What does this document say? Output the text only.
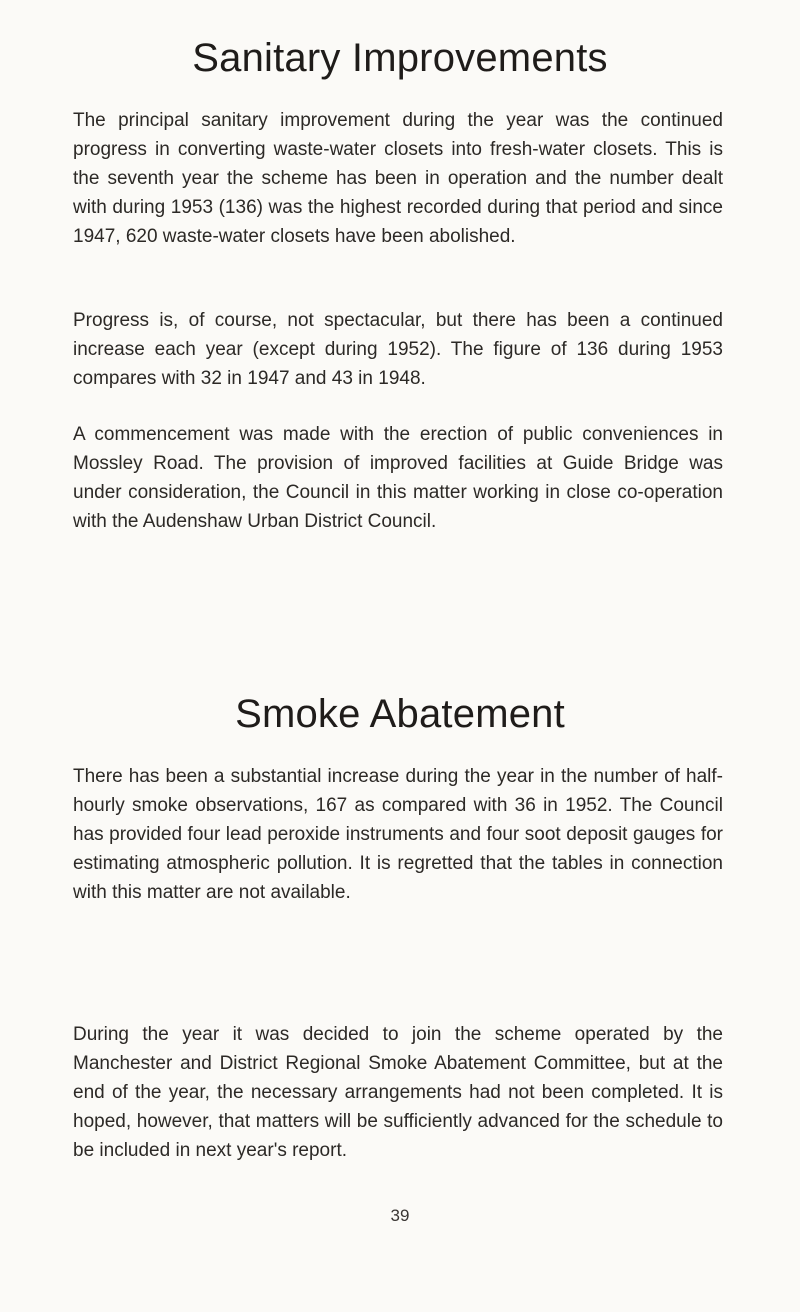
Sanitary Improvements

The principal sanitary improvement during the year was the continued progress in converting waste-water closets into fresh-water closets. This is the seventh year the scheme has been in operation and the number dealt with during 1953 (136) was the highest recorded during that period and since 1947, 620 waste-water closets have been abolished.

Progress is, of course, not spectacular, but there has been a continued increase each year (except during 1952). The figure of 136 during 1953 compares with 32 in 1947 and 43 in 1948.

A commencement was made with the erection of public conveniences in Mossley Road. The provision of improved facilities at Guide Bridge was under consideration, the Council in this matter working in close co-operation with the Audenshaw Urban District Council.

Smoke Abatement

There has been a substantial increase during the year in the number of half-hourly smoke observations, 167 as compared with 36 in 1952. The Council has provided four lead peroxide instruments and four soot deposit gauges for estimating atmospheric pollution. It is regretted that the tables in connection with this matter are not available.

During the year it was decided to join the scheme operated by the Manchester and District Regional Smoke Abatement Committee, but at the end of the year, the necessary arrangements had not been completed. It is hoped, however, that matters will be sufficiently advanced for the schedule to be included in next year's report.

39
